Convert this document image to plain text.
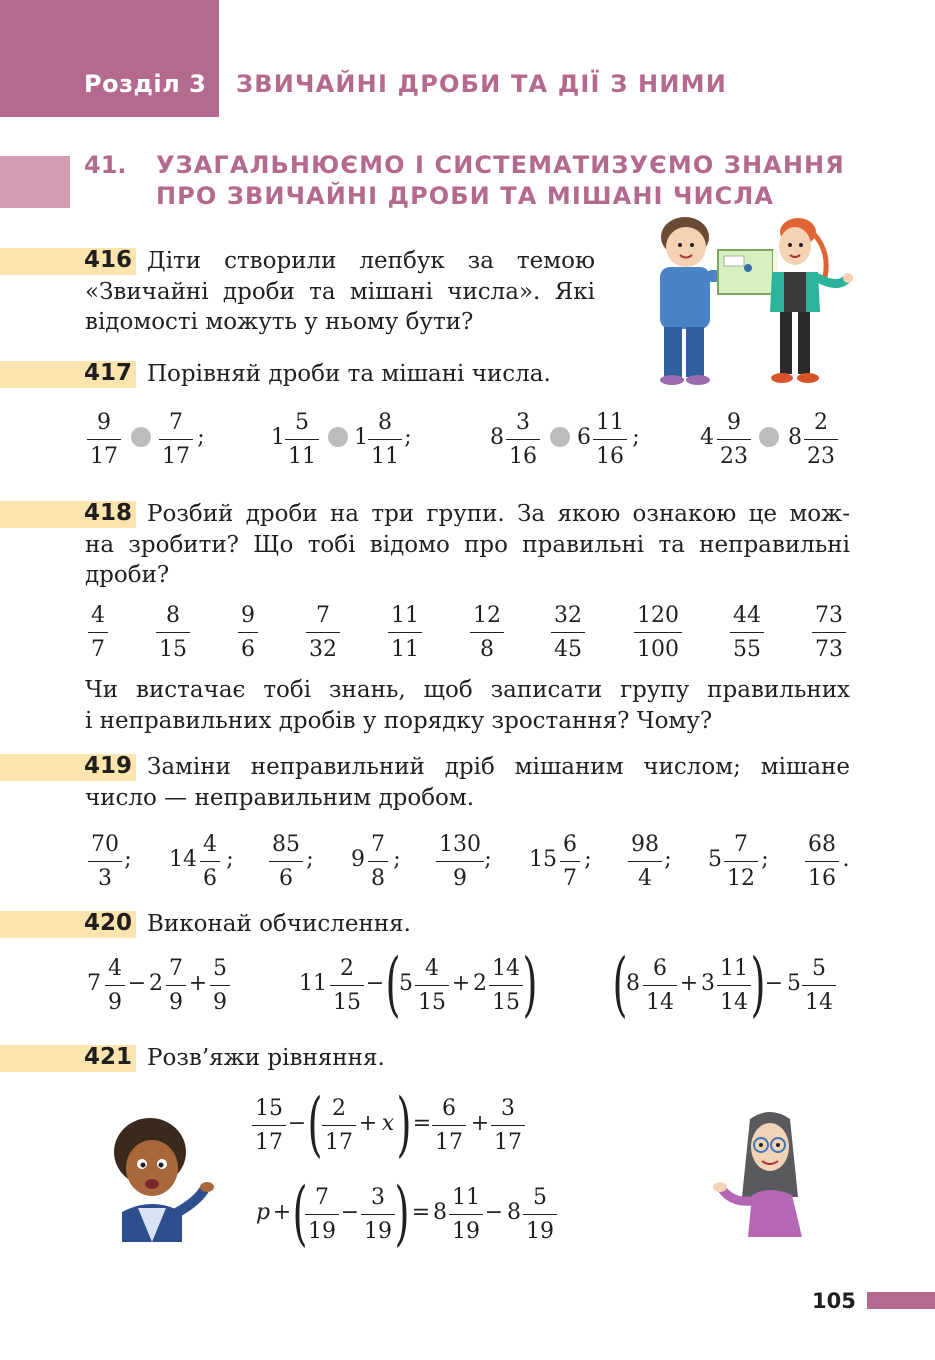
Розділ 3 ЗВИЧАЙНІ ДРОБИ ТА ДІЇ З НИМИ
41. УЗАГАЛЬНЮЄМО І СИСТЕМАТИЗУЄМО ЗНАННЯ
ПРО ЗВИЧАЙНІ ДРОБИ ТА МІШАНІ ЧИСЛА
416 Діти створили лепбук за темою
«Звичайні дроби та мішані числа». Які
відомості можуть у ньому бути?
417 Порівняй дроби та мішані числа.
9
17
7
17
;	1
5
11
1
8
11
;	8
3
16
6
11
16
;	4
9
23
8
2
23
418 Розбий дроби на три групи. За якою ознакою це мож-
на зробити? Що тобі відомо про правильні та неправильні
дроби?
4
7
8
15
9
6
7
32
11
11
12
8
32
45
120
100
44
55
73
73
Чи вистачає тобі знань, щоб записати групу правильних
і неправильних дробів у порядку зростання? Чому?
419 Заміни неправильний дріб мішаним числом; мішане
число — неправильним дробом.
70
3
; 14
4
6
;
85
6
; 9
7
8
;
130
9
; 15
6
7
;
98
4
; 5
7
12
;
68
16
.
420 Виконай обчислення.
7
4
9
− 2
7
9
+
5
9
11
2
15
− (
5
4
15
+ 2
14
15 ) (
8
6
14
+ 3
11
14 ) − 5
5
14
421 Розв’яжи рівняння.
15
17
− ( 2
17
+ x ) =
6
17
+
3
17
p + ( 7
19
−
3
19 ) = 8
11
19
− 8
5
19
105
